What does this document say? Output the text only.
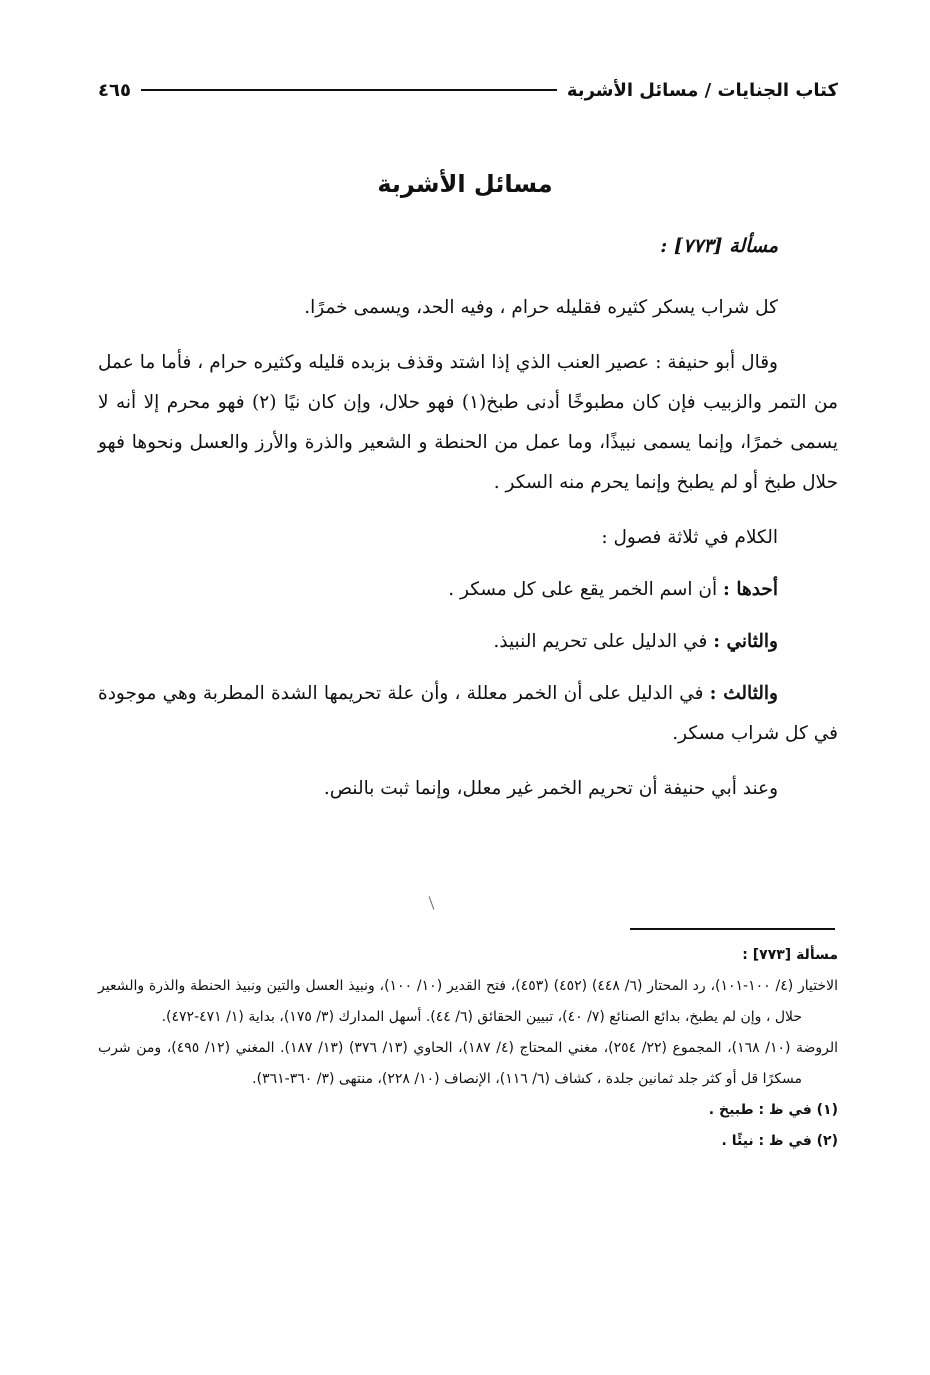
كتاب الجنايات / مسائل الأشربة
٤٦٥
مسائل الأشربة

مسألة [٧٧٣] :

كل شراب يسكر كثيره فقليله حرام ، وفيه الحد، ويسمى خمرًا.

وقال أبو حنيفة : عصير العنب الذي إذا اشتد وقذف بزبده قليله وكثيره حرام ، فأما ما عمل من التمر والزبيب فإن كان مطبوخًا أدنى طبخ(١) فهو حلال، وإن كان نيًا (٢) فهو محرم إلا أنه لا يسمى خمرًا، وإنما يسمى نبيذًا، وما عمل من الحنطة و الشعير والذرة والأرز والعسل ونحوها فهو حلال طبخ أو لم يطبخ وإنما يحرم منه السكر .

الكلام في ثلاثة فصول :

أحدها : أن اسم الخمر يقع على كل مسكر .

والثاني : في الدليل على تحريم النبيذ.

والثالث : في الدليل على أن الخمر معللة ، وأن علة تحريمها الشدة المطربة وهي موجودة في كل شراب مسكر.

وعند أبي حنيفة أن تحريم الخمر غير معلل، وإنما ثبت بالنص.

مسألة [٧٧٣] :

الاختيار (٤/ ١٠٠-١٠١)، رد المحتار (٦/ ٤٤٨) (٤٥٢) (٤٥٣)، فتح القدير (١٠/ ١٠٠)، ونبيذ العسل والتين ونبيذ الحنطة والذرة والشعير حلال ، وإن لم يطبخ، بدائع الصنائع (٧/ ٤٠)، تبيين الحقائق (٦/ ٤٤). أسهل المدارك (٣/ ١٧٥)، بداية (١/ ٤٧١-٤٧٢).

الروضة (١٠/ ١٦٨)، المجموع (٢٢/ ٢٥٤)، مغني المحتاج (٤/ ١٨٧)، الحاوي (١٣/ ٣٧٦) (١٣/ ١٨٧). المغني (١٢/ ٤٩٥)، ومن شرب مسكرًا قل أو كثر جلد ثمانين جلدة ، كشاف (٦/ ١١٦)، الإنصاف (١٠/ ٢٢٨)، منتهى (٣/ ٣٦٠-٣٦١).

(١) في ظ : طبيخ .

(٢) في ظ : نيئًا .
